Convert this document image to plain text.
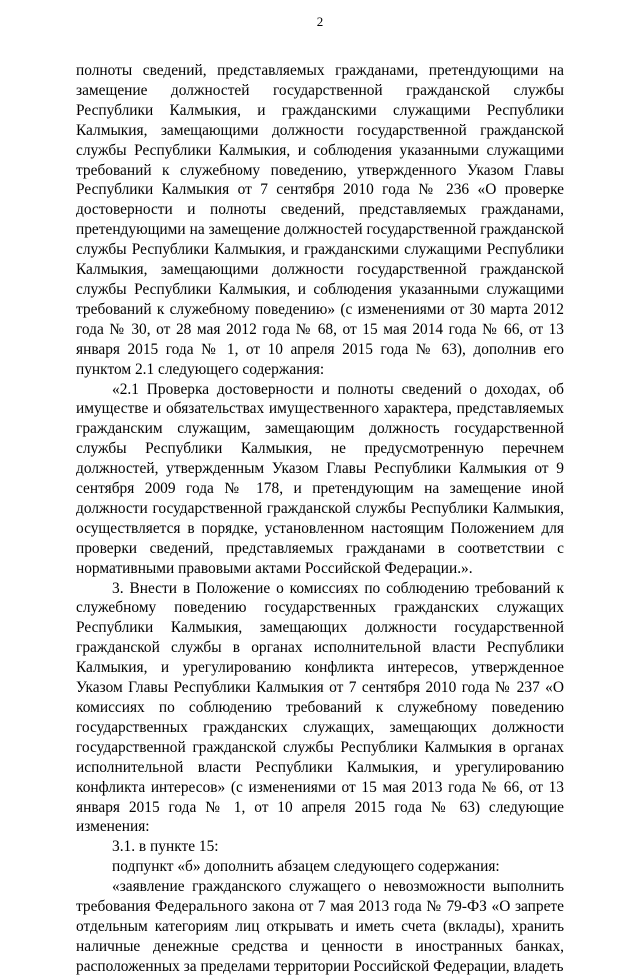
2

полноты сведений, представляемых гражданами, претендующими на замещение должностей государственной гражданской службы Республики Калмыкия, и гражданскими служащими Республики Калмыкия, замещающими должности государственной гражданской службы Республики Калмыкия, и соблюдения указанными служащими требований к служебному поведению, утвержденного Указом Главы Республики Калмыкия от 7 сентября 2010 года № 236 «О проверке достоверности и полноты сведений, представляемых гражданами, претендующими на замещение должностей государственной гражданской службы Республики Калмыкия, и гражданскими служащими Республики Калмыкия, замещающими должности государственной гражданской службы Республики Калмыкия, и соблюдения указанными служащими требований к служебному поведению» (с изменениями от 30 марта 2012 года № 30, от 28 мая 2012 года № 68, от 15 мая 2014 года № 66, от 13 января 2015 года № 1, от 10 апреля 2015 года № 63), дополнив его пунктом 2.1 следующего содержания:

«2.1 Проверка достоверности и полноты сведений о доходах, об имуществе и обязательствах имущественного характера, представляемых гражданским служащим, замещающим должность государственной службы Республики Калмыкия, не предусмотренную перечнем должностей, утвержденным Указом Главы Республики Калмыкия от 9 сентября 2009 года № 178, и претендующим на замещение иной должности государственной гражданской службы Республики Калмыкия, осуществляется в порядке, установленном настоящим Положением для проверки сведений, представляемых гражданами в соответствии с нормативными правовыми актами Российской Федерации.».

3. Внести в Положение о комиссиях по соблюдению требований к служебному поведению государственных гражданских служащих Республики Калмыкия, замещающих должности государственной гражданской службы в органах исполнительной власти Республики Калмыкия, и урегулированию конфликта интересов, утвержденное Указом Главы Республики Калмыкия от 7 сентября 2010 года № 237 «О комиссиях по соблюдению требований к служебному поведению государственных гражданских служащих, замещающих должности государственной гражданской службы Республики Калмыкия в органах исполнительной власти Республики Калмыкия, и урегулированию конфликта интересов» (с изменениями от 15 мая 2013 года № 66, от 13 января 2015 года № 1, от 10 апреля 2015 года № 63) следующие изменения:

3.1. в пункте 15:

подпункт «б» дополнить абзацем следующего содержания:

«заявление гражданского служащего о невозможности выполнить требования Федерального закона от 7 мая 2013 года № 79-ФЗ «О запрете отдельным категориям лиц открывать и иметь счета (вклады), хранить наличные денежные средства и ценности в иностранных банках, расположенных за пределами территории Российской Федерации, владеть
